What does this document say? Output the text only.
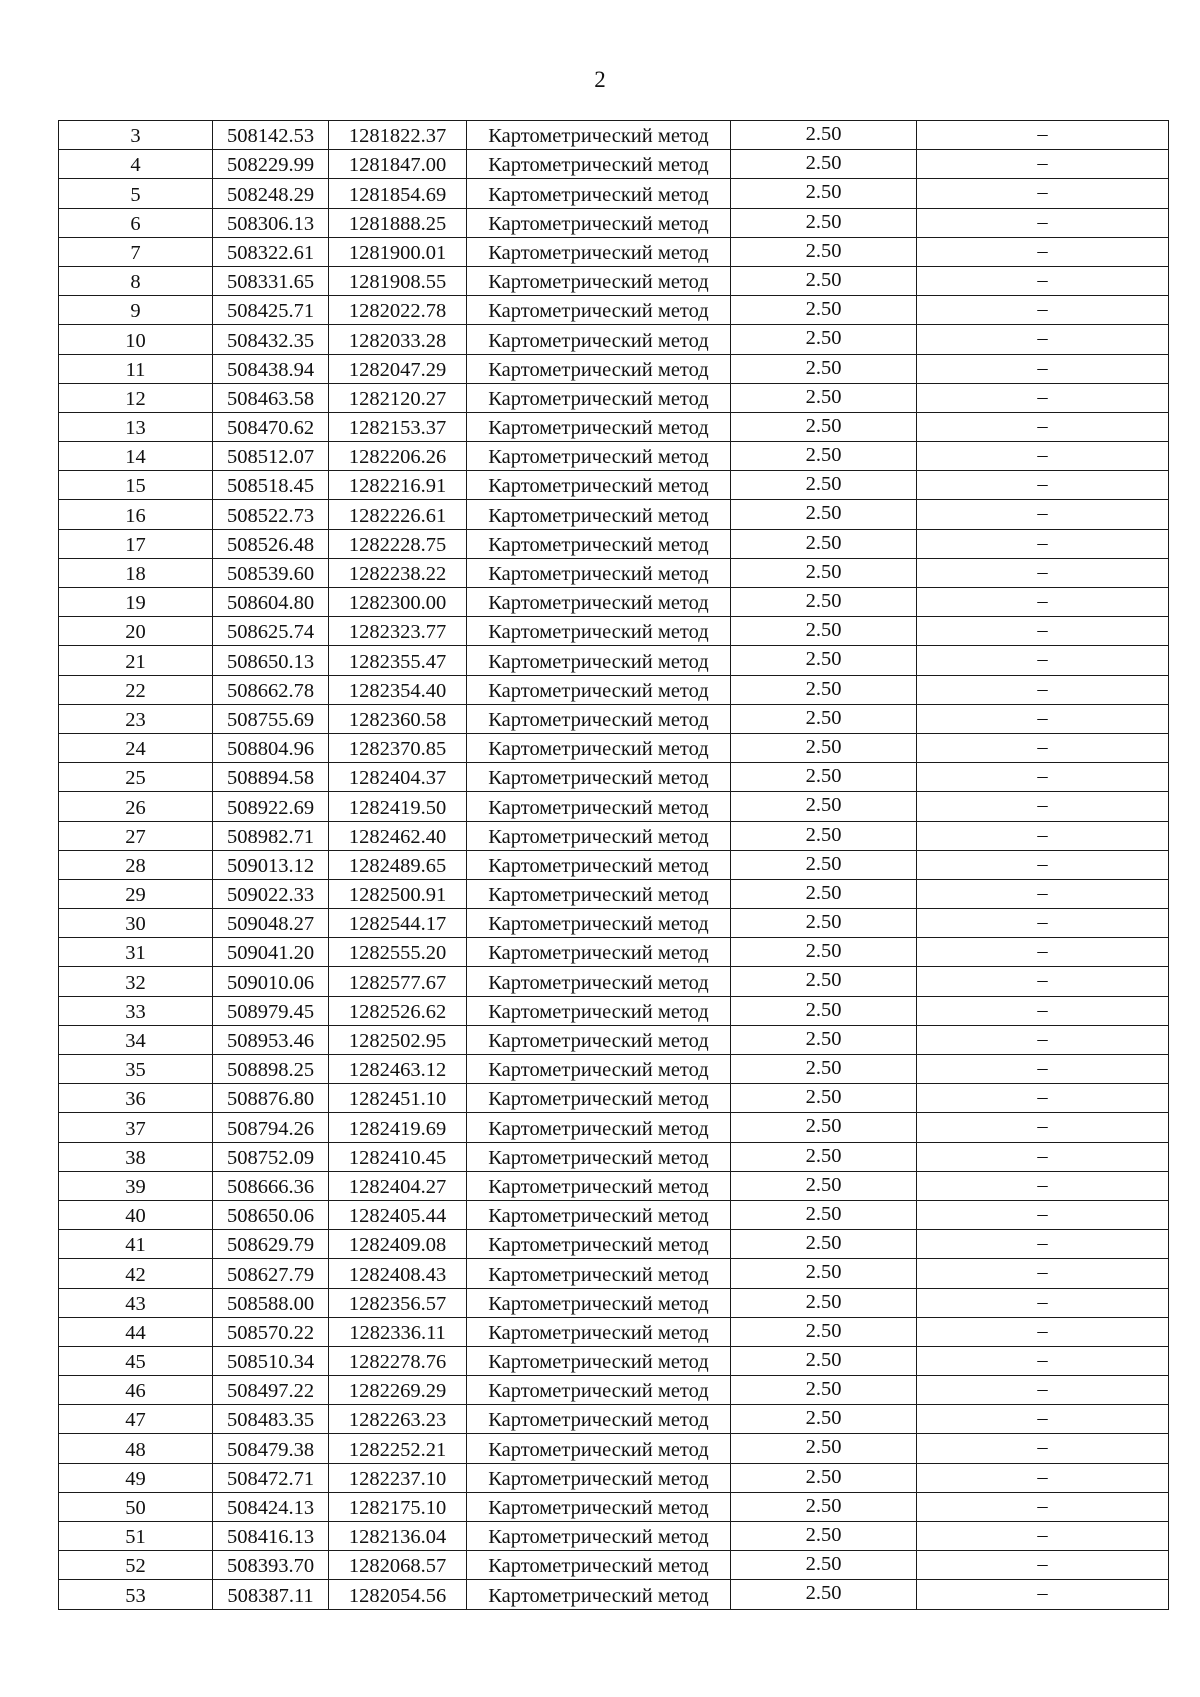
2
3	508142.53	1281822.37	Картометрический метод	2.50	–
4	508229.99	1281847.00	Картометрический метод	2.50	–
5	508248.29	1281854.69	Картометрический метод	2.50	–
6	508306.13	1281888.25	Картометрический метод	2.50	–
7	508322.61	1281900.01	Картометрический метод	2.50	–
8	508331.65	1281908.55	Картометрический метод	2.50	–
9	508425.71	1282022.78	Картометрический метод	2.50	–
10	508432.35	1282033.28	Картометрический метод	2.50	–
11	508438.94	1282047.29	Картометрический метод	2.50	–
12	508463.58	1282120.27	Картометрический метод	2.50	–
13	508470.62	1282153.37	Картометрический метод	2.50	–
14	508512.07	1282206.26	Картометрический метод	2.50	–
15	508518.45	1282216.91	Картометрический метод	2.50	–
16	508522.73	1282226.61	Картометрический метод	2.50	–
17	508526.48	1282228.75	Картометрический метод	2.50	–
18	508539.60	1282238.22	Картометрический метод	2.50	–
19	508604.80	1282300.00	Картометрический метод	2.50	–
20	508625.74	1282323.77	Картометрический метод	2.50	–
21	508650.13	1282355.47	Картометрический метод	2.50	–
22	508662.78	1282354.40	Картометрический метод	2.50	–
23	508755.69	1282360.58	Картометрический метод	2.50	–
24	508804.96	1282370.85	Картометрический метод	2.50	–
25	508894.58	1282404.37	Картометрический метод	2.50	–
26	508922.69	1282419.50	Картометрический метод	2.50	–
27	508982.71	1282462.40	Картометрический метод	2.50	–
28	509013.12	1282489.65	Картометрический метод	2.50	–
29	509022.33	1282500.91	Картометрический метод	2.50	–
30	509048.27	1282544.17	Картометрический метод	2.50	–
31	509041.20	1282555.20	Картометрический метод	2.50	–
32	509010.06	1282577.67	Картометрический метод	2.50	–
33	508979.45	1282526.62	Картометрический метод	2.50	–
34	508953.46	1282502.95	Картометрический метод	2.50	–
35	508898.25	1282463.12	Картометрический метод	2.50	–
36	508876.80	1282451.10	Картометрический метод	2.50	–
37	508794.26	1282419.69	Картометрический метод	2.50	–
38	508752.09	1282410.45	Картометрический метод	2.50	–
39	508666.36	1282404.27	Картометрический метод	2.50	–
40	508650.06	1282405.44	Картометрический метод	2.50	–
41	508629.79	1282409.08	Картометрический метод	2.50	–
42	508627.79	1282408.43	Картометрический метод	2.50	–
43	508588.00	1282356.57	Картометрический метод	2.50	–
44	508570.22	1282336.11	Картометрический метод	2.50	–
45	508510.34	1282278.76	Картометрический метод	2.50	–
46	508497.22	1282269.29	Картометрический метод	2.50	–
47	508483.35	1282263.23	Картометрический метод	2.50	–
48	508479.38	1282252.21	Картометрический метод	2.50	–
49	508472.71	1282237.10	Картометрический метод	2.50	–
50	508424.13	1282175.10	Картометрический метод	2.50	–
51	508416.13	1282136.04	Картометрический метод	2.50	–
52	508393.70	1282068.57	Картометрический метод	2.50	–
53	508387.11	1282054.56	Картометрический метод	2.50	–
